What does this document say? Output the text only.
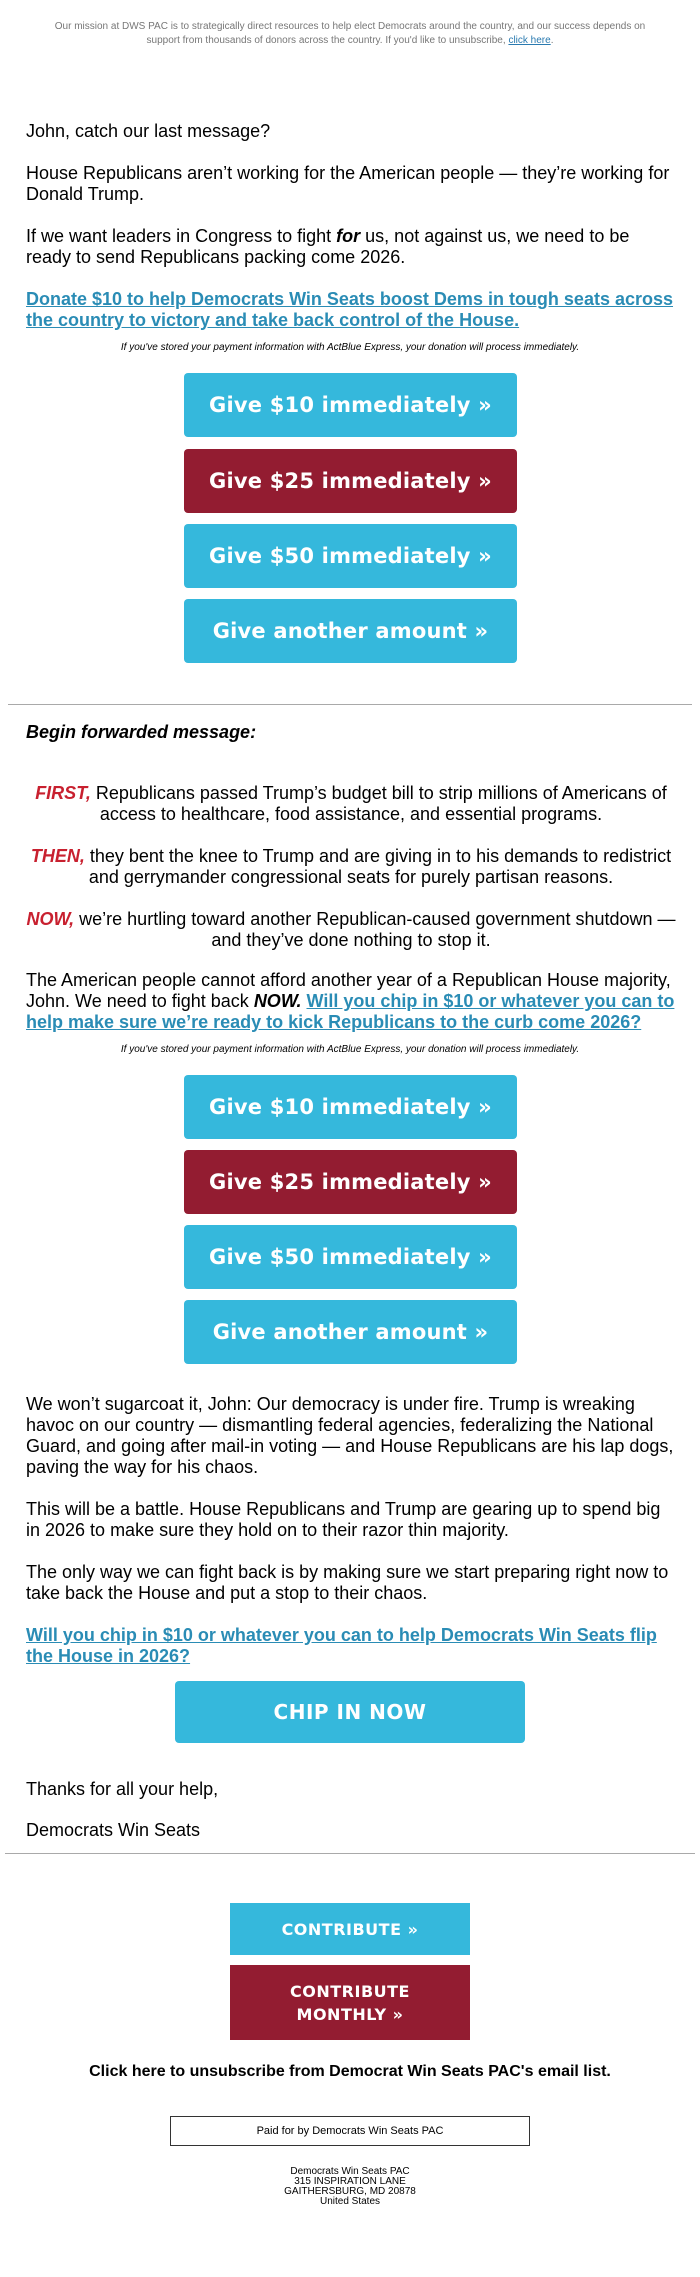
Our mission at DWS PAC is to strategically direct resources to help elect Democrats around the country, and our success depends on support from thousands of donors across the country. If you'd like to unsubscribe, click here.
John, catch our last message?
House Republicans aren’t working for the American people — they’re working for Donald Trump.
If we want leaders in Congress to fight for us, not against us, we need to be ready to send Republicans packing come 2026.
Donate $10 to help Democrats Win Seats boost Dems in tough seats across the country to victory and take back control of the House.
If you've stored your payment information with ActBlue Express, your donation will process immediately.
Give $10 immediately »
Give $25 immediately »
Give $50 immediately »
Give another amount »
Begin forwarded message:
FIRST, Republicans passed Trump’s budget bill to strip millions of Americans of access to healthcare, food assistance, and essential programs.
THEN, they bent the knee to Trump and are giving in to his demands to redistrict and gerrymander congressional seats for purely partisan reasons.
NOW, we’re hurtling toward another Republican-caused government shutdown — and they’ve done nothing to stop it.
The American people cannot afford another year of a Republican House majority, John. We need to fight back NOW. Will you chip in $10 or whatever you can to help make sure we’re ready to kick Republicans to the curb come 2026?
If you've stored your payment information with ActBlue Express, your donation will process immediately.
Give $10 immediately »
Give $25 immediately »
Give $50 immediately »
Give another amount »
We won’t sugarcoat it, John: Our democracy is under fire. Trump is wreaking havoc on our country — dismantling federal agencies, federalizing the National Guard, and going after mail-in voting — and House Republicans are his lap dogs, paving the way for his chaos.
This will be a battle. House Republicans and Trump are gearing up to spend big in 2026 to make sure they hold on to their razor thin majority.
The only way we can fight back is by making sure we start preparing right now to take back the House and put a stop to their chaos.
Will you chip in $10 or whatever you can to help Democrats Win Seats flip the House in 2026?
CHIP IN NOW
Thanks for all your help,
Democrats Win Seats
CONTRIBUTE »
CONTRIBUTE
MONTHLY »
Click here to unsubscribe from Democrat Win Seats PAC's email list.
Paid for by Democrats Win Seats PAC
Democrats Win Seats PAC
315 INSPIRATION LANE
GAITHERSBURG, MD 20878
United States
